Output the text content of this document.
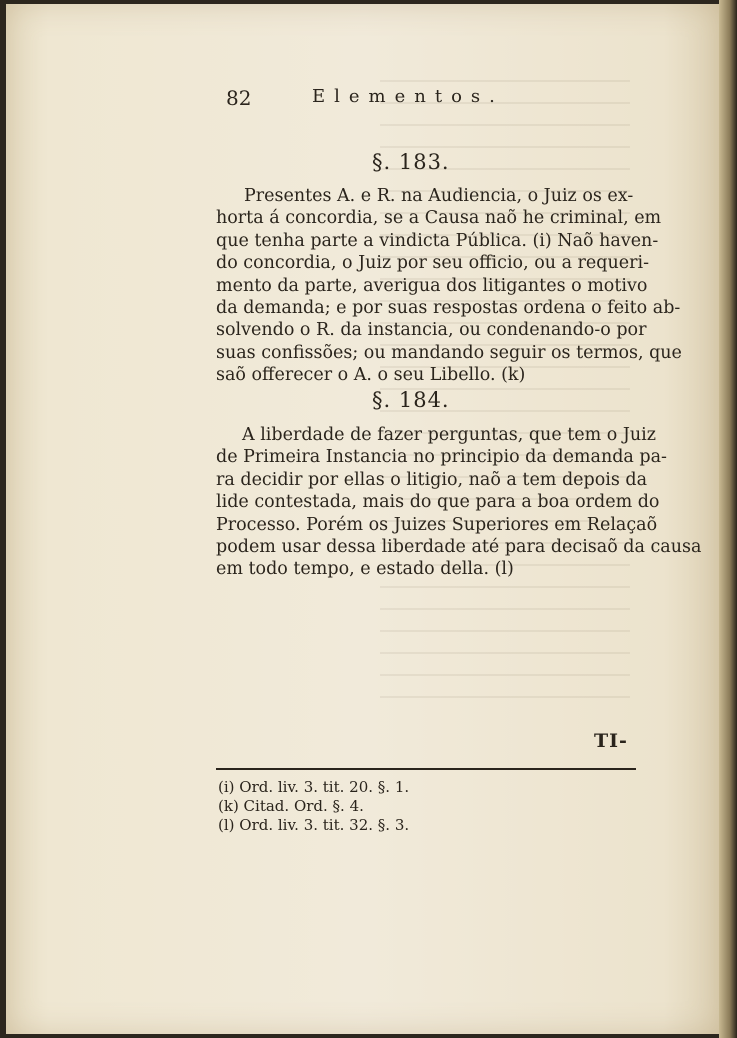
82	Elementos.
§. 183.

Presentes A. e R. na Audiencia, o Juiz os ex-
horta á concordia, se a Causa naõ he criminal, em
que tenha parte a vindicta Pública. (i) Naõ haven-
do concordia, o Juiz por seu officio, ou a requeri-
mento da parte, averigua dos litigantes o motivo
da demanda; e por suas respostas ordena o feito ab-
solvendo o R. da instancia, ou condenando-o por
suas confissões; ou mandando seguir os termos, que
saõ offerecer o A. o seu Libello. (k)

§. 184.

A liberdade de fazer perguntas, que tem o Juiz
de Primeira Instancia no principio da demanda pa-
ra decidir por ellas o litigio, naõ a tem depois da
lide contestada, mais do que para a boa ordem do
Processo. Porém os Juizes Superiores em Relaçaõ
podem usar dessa liberdade até para decisaõ da causa
em todo tempo, e estado della. (l)

TI-
(i) Ord. liv. 3. tit. 20. §. 1.
(k) Citad. Ord. §. 4.
(l) Ord. liv. 3. tit. 32. §. 3.
